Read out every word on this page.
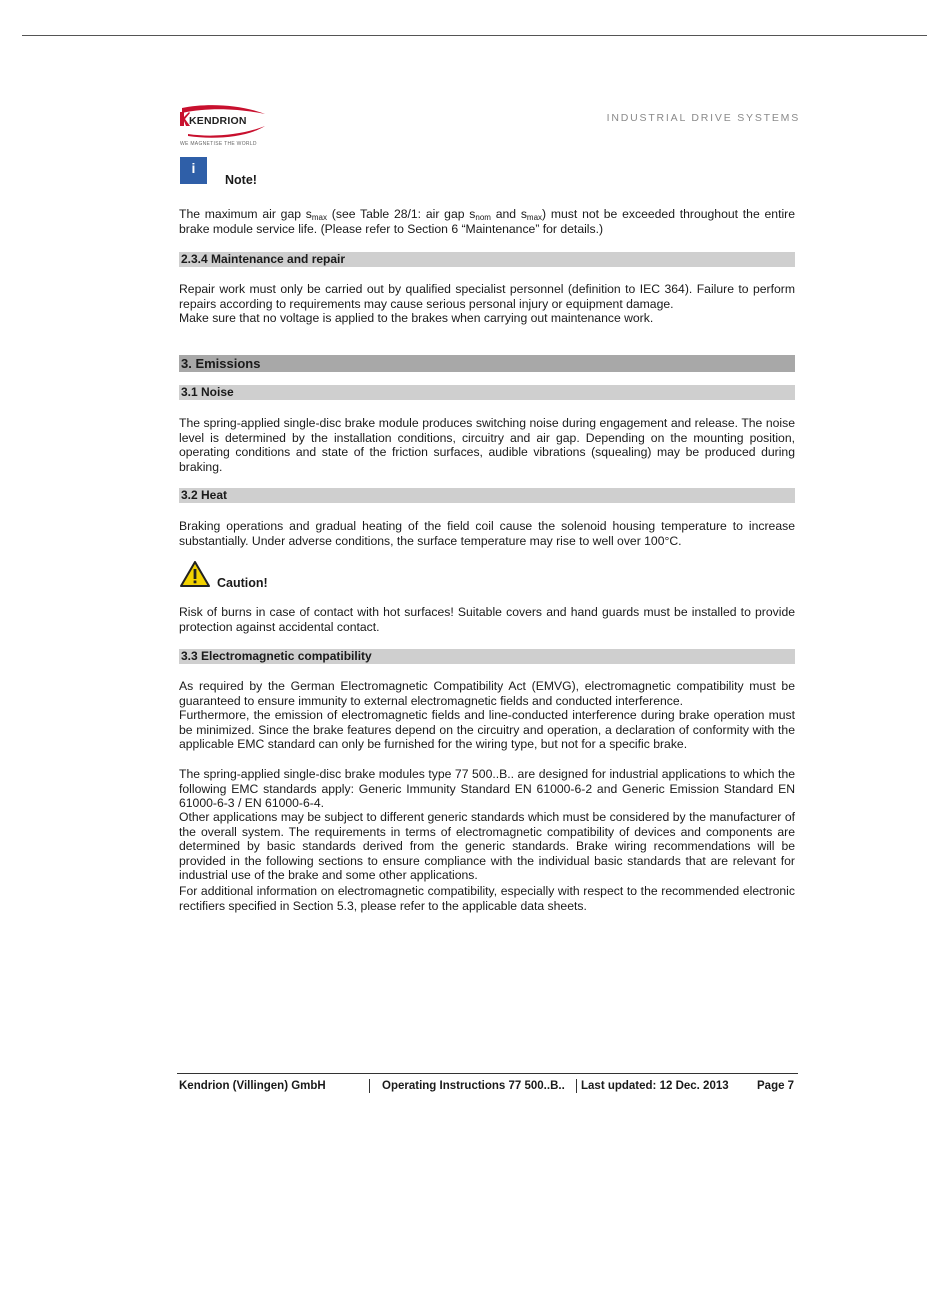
KENDRION
WE MAGNETISE THE WORLD
INDUSTRIAL DRIVE SYSTEMS
i
Note!

The maximum air gap $s_{max}$ (see Table 28/1: air gap $s_{nom}$ and $s_{max}$) must not be exceeded throughout the entire brake module service life. (Please refer to Section 6 “Maintenance” for details.)

2.3.4 Maintenance and repair

Repair work must only be carried out by qualified specialist personnel (definition to IEC 364). Failure to perform repairs according to requirements may cause serious personal injury or equipment damage.

Make sure that no voltage is applied to the brakes when carrying out maintenance work.

3. Emissions
3.1 Noise

The spring-applied single-disc brake module produces switching noise during engagement and release. The noise level is determined by the installation conditions, circuitry and air gap. Depending on the mounting position, operating conditions and state of the friction surfaces, audible vibrations (squealing) may be produced during braking.

3.2 Heat

Braking operations and gradual heating of the field coil cause the solenoid housing temperature to increase substantially. Under adverse conditions, the surface temperature may rise to well over 100°C.

Risk of burns in case of contact with hot surfaces! Suitable covers and hand guards must be installed to provide protection against accidental contact.

3.3 Electromagnetic compatibility

As required by the German Electromagnetic Compatibility Act (EMVG), electromagnetic compatibility must be guaranteed to ensure immunity to external electromagnetic fields and conducted interference.

Furthermore, the emission of electromagnetic fields and line-conducted interference during brake operation must be minimized. Since the brake features depend on the circuitry and operation, a declaration of conformity with the applicable EMC standard can only be furnished for the wiring type, but not for a specific brake.

The spring-applied single-disc brake modules type 77 500..B.. are designed for industrial applications to which the following EMC standards apply: Generic Immunity Standard EN 61000-6-2 and Generic Emission Standard EN 61000-6-3 / EN 61000-6-4.

Other applications may be subject to different generic standards which must be considered by the manufacturer of the overall system. The requirements in terms of electromagnetic compatibility of devices and components are determined by basic standards derived from the generic standards. Brake wiring recommendations will be provided in the following sections to ensure compliance with the individual basic standards that are relevant for industrial use of the brake and some other applications.

For additional information on electromagnetic compatibility, especially with respect to the recommended electronic rectifiers specified in Section 5.3, please refer to the applicable data sheets.

Caution!
Kendrion (Villingen) GmbH	Operating Instructions 77 500..B.. Last updated: 12 Dec. 2013 Page 7
